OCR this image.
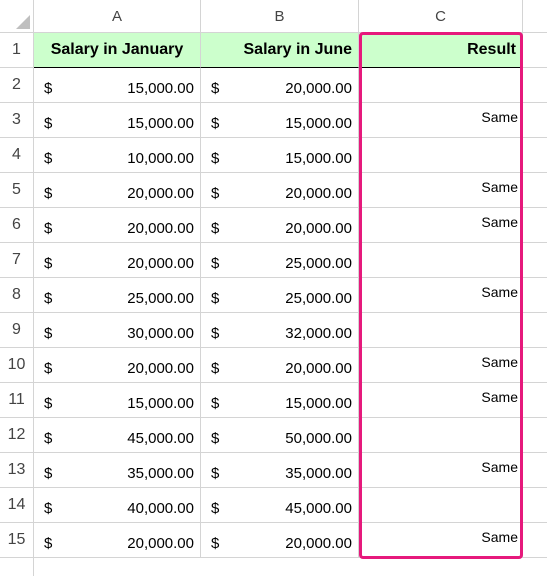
A	B	C
1	Salary in January	Salary in June	Result
2	$	15,000.00 $	20,000.00
3	$	15,000.00 $	15,000.00	Same
4	$	10,000.00 $	15,000.00
5	$	20,000.00 $	20,000.00	Same
6	$	20,000.00 $	20,000.00	Same
7	$	20,000.00 $	25,000.00
8	$	25,000.00 $	25,000.00	Same
9	$	30,000.00 $	32,000.00
10	$	20,000.00 $	20,000.00	Same
11	$	15,000.00 $	15,000.00	Same
12	$	45,000.00 $	50,000.00
13	$	35,000.00 $	35,000.00	Same
14	$	40,000.00 $	45,000.00
15	$	20,000.00 $	20,000.00	Same
